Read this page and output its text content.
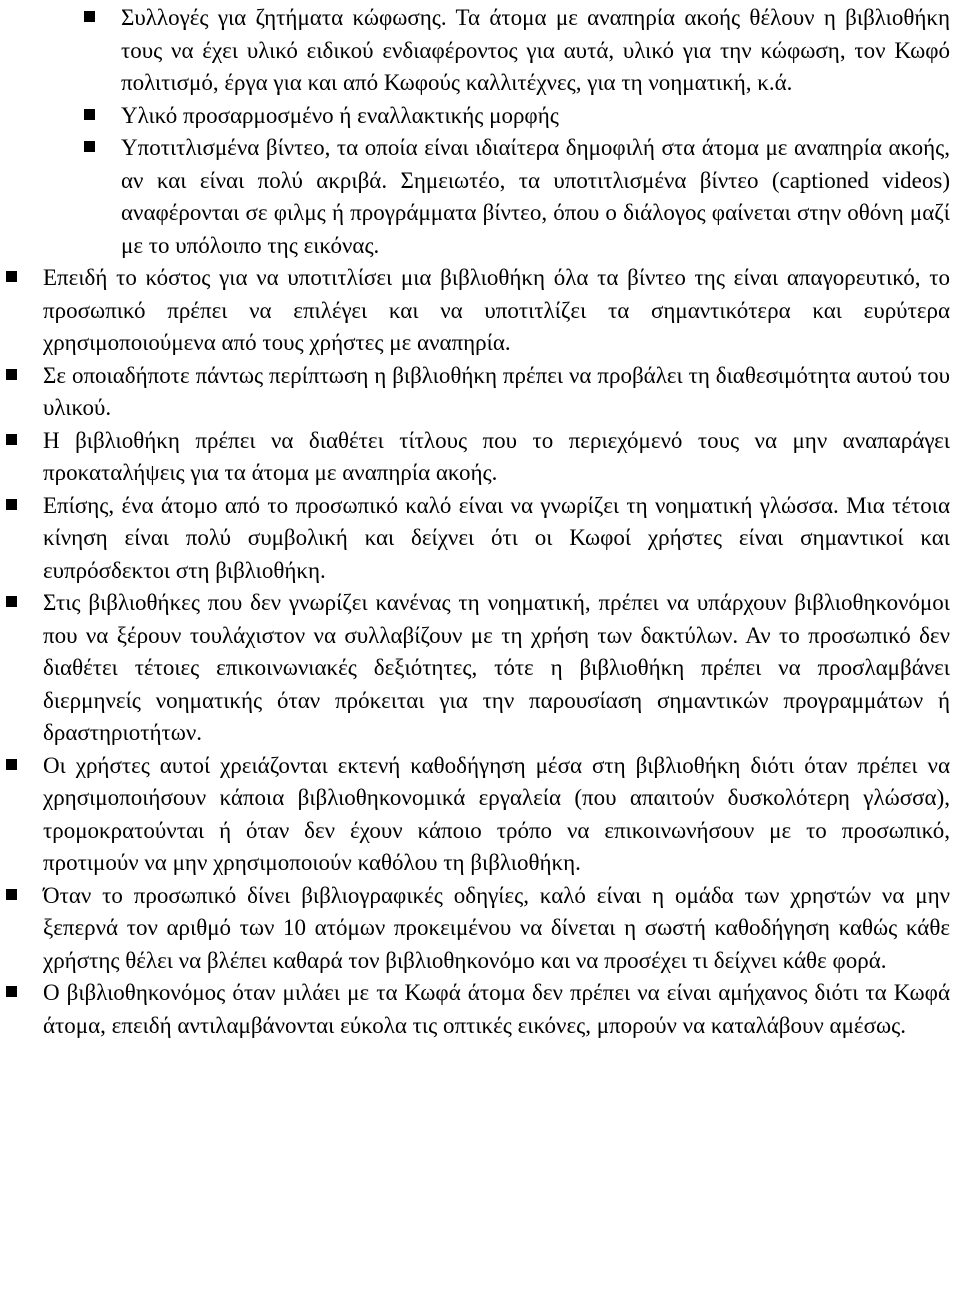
Συλλογές για ζητήματα κώφωσης. Τα άτομα με αναπηρία ακοής θέλουν η βιβλιοθήκη τους να έχει υλικό ειδικού ενδιαφέροντος για αυτά, υλικό για την κώφωση, τον Κωφό πολιτισμό, έργα για και από Κωφούς καλλιτέχνες, για τη νοηματική, κ.ά.
Υλικό προσαρμοσμένο ή εναλλακτικής μορφής
Υποτιτλισμένα βίντεο, τα οποία είναι ιδιαίτερα δημοφιλή στα άτομα με αναπηρία ακοής, αν και είναι πολύ ακριβά. Σημειωτέο, τα υποτιτλισμένα βίντεο (captioned videos) αναφέρονται σε φιλμς ή προγράμματα βίντεο, όπου ο διάλογος φαίνεται στην οθόνη μαζί με το υπόλοιπο της εικόνας.
Επειδή το κόστος για να υποτιτλίσει μια βιβλιοθήκη όλα τα βίντεο της είναι απαγορευτικό, το προσωπικό πρέπει να επιλέγει και να υποτιτλίζει τα σημαντικότερα και ευρύτερα χρησιμοποιούμενα από τους χρήστες με αναπηρία.
Σε οποιαδήποτε πάντως περίπτωση η βιβλιοθήκη πρέπει να προβάλει τη διαθεσιμότητα αυτού του υλικού.
Η βιβλιοθήκη πρέπει να διαθέτει τίτλους που το περιεχόμενό τους να μην αναπαράγει προκαταλήψεις για τα άτομα με αναπηρία ακοής.
Επίσης, ένα άτομο από το προσωπικό καλό είναι να γνωρίζει τη νοηματική γλώσσα. Μια τέτοια κίνηση είναι πολύ συμβολική και δείχνει ότι οι Κωφοί χρήστες είναι σημαντικοί και ευπρόσδεκτοι στη βιβλιοθήκη.
Στις βιβλιοθήκες που δεν γνωρίζει κανένας τη νοηματική, πρέπει να υπάρχουν βιβλιοθηκονόμοι που να ξέρουν τουλάχιστον να συλλαβίζουν με τη χρήση των δακτύλων. Αν το προσωπικό δεν διαθέτει τέτοιες επικοινωνιακές δεξιότητες, τότε η βιβλιοθήκη πρέπει να προσλαμβάνει διερμηνείς νοηματικής όταν πρόκειται για την παρουσίαση σημαντικών προγραμμάτων ή δραστηριοτήτων.
Οι χρήστες αυτοί χρειάζονται εκτενή καθοδήγηση μέσα στη βιβλιοθήκη διότι όταν πρέπει να χρησιμοποιήσουν κάποια βιβλιοθηκονομικά εργαλεία (που απαιτούν δυσκολότερη γλώσσα), τρομοκρατούνται ή όταν δεν έχουν κάποιο τρόπο να επικοινωνήσουν με το προσωπικό, προτιμούν να μην χρησιμοποιούν καθόλου τη βιβλιοθήκη.
Όταν το προσωπικό δίνει βιβλιογραφικές οδηγίες, καλό είναι η ομάδα των χρηστών να μην ξεπερνά τον αριθμό των 10 ατόμων προκειμένου να δίνεται η σωστή καθοδήγηση καθώς κάθε χρήστης θέλει να βλέπει καθαρά τον βιβλιοθηκονόμο και να προσέχει τι δείχνει κάθε φορά.
Ο βιβλιοθηκονόμος όταν μιλάει με τα Κωφά άτομα δεν πρέπει να είναι αμήχανος διότι τα Κωφά άτομα, επειδή αντιλαμβάνονται εύκολα τις οπτικές εικόνες, μπορούν να καταλάβουν αμέσως.
